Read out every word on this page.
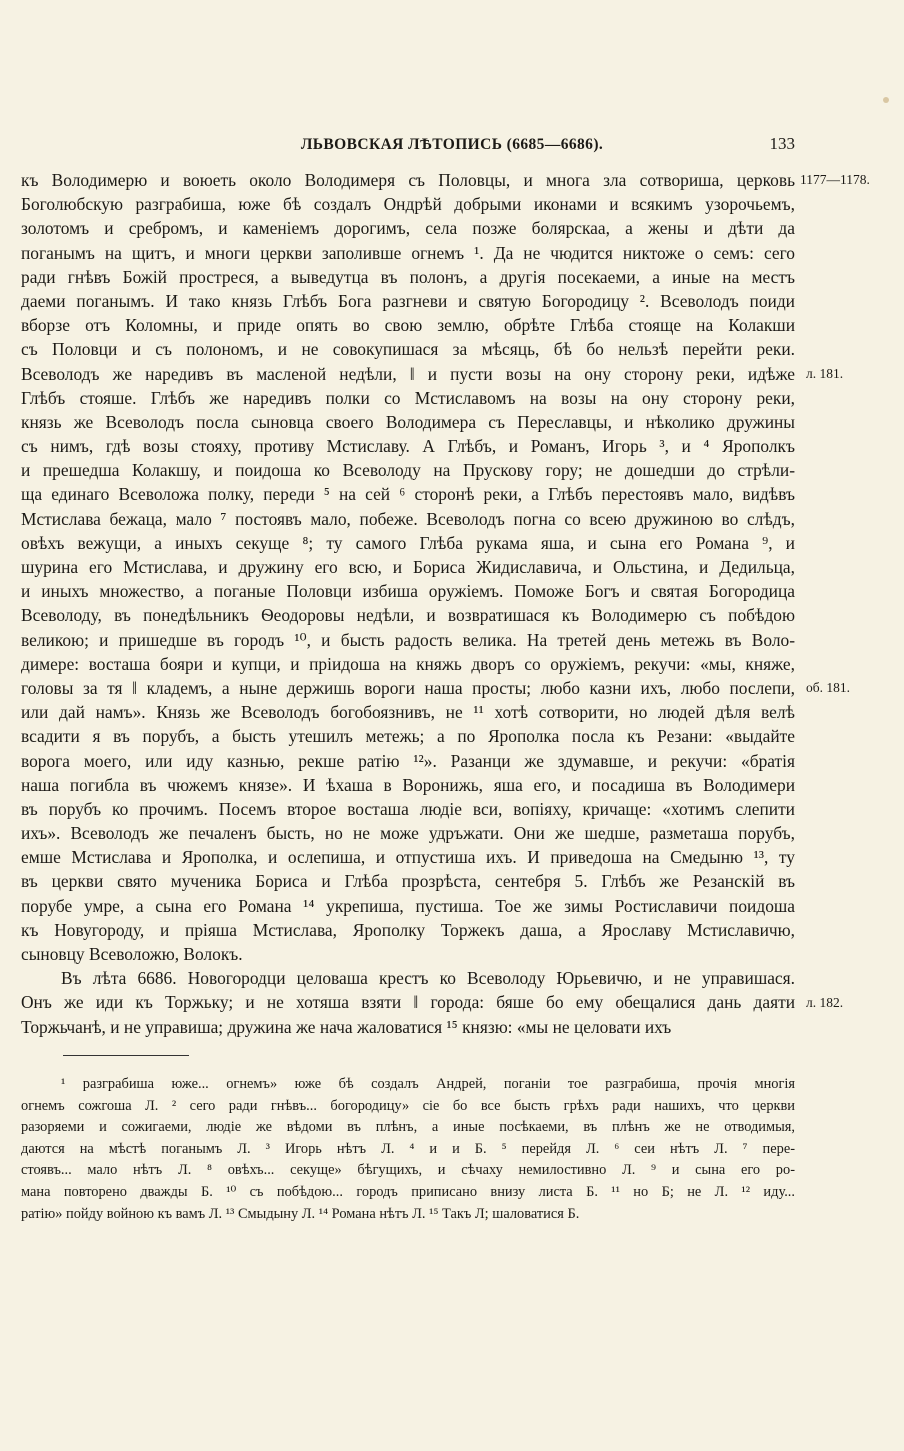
ЛЬВОВСКАЯ ЛѢТОПИСЬ (6685—6686).	133
къ Володимерю и воюеть около Володимеря съ Половцы, и многа зла сотвориша, церковь
Боголюбскую разграбиша, юже бѣ создалъ Ондрѣй добрыми иконами и всякимъ узорочьемъ,
золотомъ и сребромъ, и каменіемъ дорогимъ, села позже болярскаа, а жены и дѣти да
поганымъ на щитъ, и многи церкви заполивше огнемъ ¹. Да не чюдится никтоже о семъ: сего
ради гнѣвъ Божій простреся, а выведутца въ полонъ, а другія посекаеми, а иные на местъ
даеми поганымъ. И тако князь Глѣбъ Бога разгневи и святую Богородицу ². Всеволодъ поиди
вборзе отъ Коломны, и приде опять во свою землю, обрѣте Глѣба стояще на Колакши
съ Половци и съ полономъ, и не совокупишася за мѣсяць, бѣ бо нельзѣ перейти реки.
Всеволодъ же наредивъ въ масленой недѣли, ‖ и пусти возы на ону сторону реки, идѣже
Глѣбъ стояше. Глѣбъ же наредивъ полки со Мстиславомъ на возы на ону сторону реки,
князь же Всеволодъ посла сыновца своего Володимера съ Переславцы, и нѣколико дружины
съ нимъ, гдѣ возы стояху, противу Мстиславу. А Глѣбъ, и Романъ, Игорь ³, и ⁴ Ярополкъ
и прешедша Колакшу, и поидоша ко Всеволоду на Прускову гору; не дошедши до стрѣли-
ща единаго Всеволожа полку, переди ⁵ на сей ⁶ сторонѣ реки, а Глѣбъ перестоявъ мало, видѣвъ
Мстислава бежаца, мало ⁷ постоявъ мало, побеже. Всеволодъ погна со всею дружиною во слѣдъ,
овѣхъ вежущи, а иныхъ секуще ⁸; ту самого Глѣба рукама яша, и сына его Романа ⁹, и
шурина его Мстислава, и дружину его всю, и Бориса Жидиславича, и Ольстина, и Дедильца,
и иныхъ множество, а поганые Половци избиша оружіемъ. Поможе Богъ и святая Богородица
Всеволоду, въ понедѣльникъ Ѳеодоровы недѣли, и возвратишася къ Володимерю съ побѣдою
великою; и пришедше въ городъ ¹⁰, и бысть радость велика. На третей день метежь въ Воло-
димере: восташа бояри и купци, и пріидоша на княжь дворъ со оружіемъ, рекучи: «мы, княже,
головы за тя ‖ кладемъ, а ныне держишь вороги наша просты; любо казни ихъ, любо послепи,
или дай намъ». Князь же Всеволодъ богобоязнивъ, не ¹¹ хотѣ сотворити, но людей дѣля велѣ
всадити я въ порубъ, а бысть утешилъ метежь; а по Ярополка посла къ Резани: «выдайте
ворога моего, или иду казнью, рекше ратію ¹²». Разанци же здумавше, и рекучи: «братія
наша погибла въ чюжемъ князе». И ѣхаша в Воронижь, яша его, и посадиша въ Володимери
въ порубъ ко прочимъ. Посемъ второе восташа людіе вси, вопіяху, кричаще: «хотимъ слепити
ихъ». Всеволодъ же печаленъ бысть, но не може удръжати. Они же шедше, разметаша порубъ,
емше Мстислава и Ярополка, и ослепиша, и отпустиша ихъ. И приведоша на Смедыню ¹³, ту
въ церкви свято мученика Бориса и Глѣба прозрѣста, сентебря 5. Глѣбъ же Резанскій въ
порубе умре, а сына его Романа ¹⁴ укрепиша, пустиша. Тое же зимы Ростиславичи поидоша
къ Новугороду, и пріяша Мстислава, Ярополку Торжекъ даша, а Ярославу Мстиславичю,
сыновцу Всеволожю, Волокъ.
Въ лѣта 6686. Новогородци целоваша крестъ ко Всеволоду Юрьевичю, и не управишася.
Онъ же иди къ Торжьку; и не хотяша взяти ‖ города: бяше бо ему обещалися дань даяти
Торжьчанѣ, и не управиша; дружина же нача жаловатися ¹⁵ князю: «мы не целовати ихъ
1177—1178.
л. 181.
об. 181.
л. 182.
¹ разграбиша юже... огнемъ» юже бѣ создалъ Андрей, поганіи тое разграбиша, прочія многія
огнемъ сожгоша Л. ² сего ради гнѣвъ... богородицу» сіе бо все бысть грѣхъ ради нашихъ, что церкви
разоряеми и сожигаеми, людіе же вѣдоми въ плѣнъ, а иные посѣкаеми, въ плѣнъ же не отводимыя,
даются на мѣстѣ поганымъ Л. ³ Игорь нѣтъ Л. ⁴ и и Б. ⁵ перейдя Л. ⁶ сеи нѣтъ Л. ⁷ пере-
стоявъ... мало нѣтъ Л. ⁸ овѣхъ... секуще» бѣгущихъ, и сѣчаху немилостивно Л. ⁹ и сына его ро-
мана повторено дважды Б. ¹⁰ съ побѣдою... городъ приписано внизу листа Б. ¹¹ но Б; не Л. ¹² иду...
ратію» пойду войною къ вамъ Л. ¹³ Смыдыну Л. ¹⁴ Романа нѣтъ Л. ¹⁵ Такъ Л; шаловатися Б.
